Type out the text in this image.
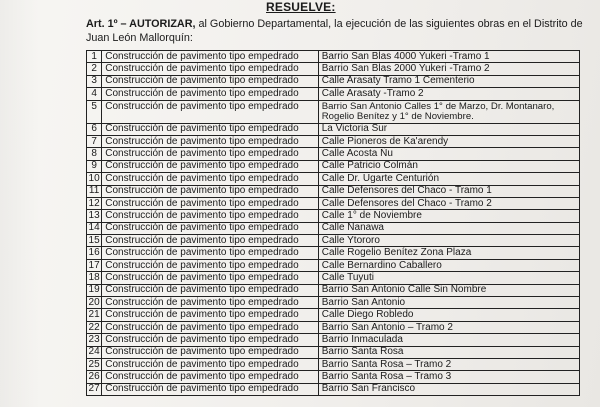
RESUELVE:
Art. 1º – AUTORIZAR, al Gobierno Departamental, la ejecución de las siguientes obras en el Distrito de Juan León Mallorquín:
1	Construcción de pavimento tipo empedrado	Barrio San Blas 4000 Yukeri -Tramo 1
2	Construcción de pavimento tipo empedrado	Barrio San Blas 2000 Yukeri -Tramo 2
3	Construcción de pavimento tipo empedrado	Calle Arasaty Tramo 1 Cementerio
4	Construcción de pavimento tipo empedrado	Calle Arasaty -Tramo 2
5	Construcción de pavimento tipo empedrado	Barrio San Antonio Calles 1° de Marzo, Dr. Montanaro, Rogelio Benítez y 1° de Noviembre.
6	Construcción de pavimento tipo empedrado	La Victoria Sur
7	Construcción de pavimento tipo empedrado	Calle Pioneros de Ka'arendy
8	Construcción de pavimento tipo empedrado	Calle Acosta Ñu
9	Construcción de pavimento tipo empedrado	Calle Patricio Colmán
10	Construcción de pavimento tipo empedrado	Calle Dr. Ugarte Centurión
11	Construcción de pavimento tipo empedrado	Calle Defensores del Chaco - Tramo 1
12	Construcción de pavimento tipo empedrado	Calle Defensores del Chaco - Tramo 2
13	Construcción de pavimento tipo empedrado	Calle 1° de Noviembre
14	Construcción de pavimento tipo empedrado	Calle Nanawa
15	Construcción de pavimento tipo empedrado	Calle Ytororo
16	Construcción de pavimento tipo empedrado	Calle Rogelio Benítez Zona Plaza
17	Construcción de pavimento tipo empedrado	Calle Bernardino Caballero
18	Construcción de pavimento tipo empedrado	Calle Tuyuti
19	Construcción de pavimento tipo empedrado	Barrio San Antonio Calle Sin Nombre
20	Construcción de pavimento tipo empedrado	Barrio San Antonio
21	Construcción de pavimento tipo empedrado	Calle Diego Robledo
22	Construcción de pavimento tipo empedrado	Barrio San Antonio – Tramo 2
23	Construcción de pavimento tipo empedrado	Barrio Inmaculada
24	Construcción de pavimento tipo empedrado	Barrio Santa Rosa
25	Construcción de pavimento tipo empedrado	Barrio Santa Rosa – Tramo 2
26	Construcción de pavimento tipo empedrado	Barrio Santa Rosa – Tramo 3
27	Construcción de pavimento tipo empedrado	Barrio San Francisco
